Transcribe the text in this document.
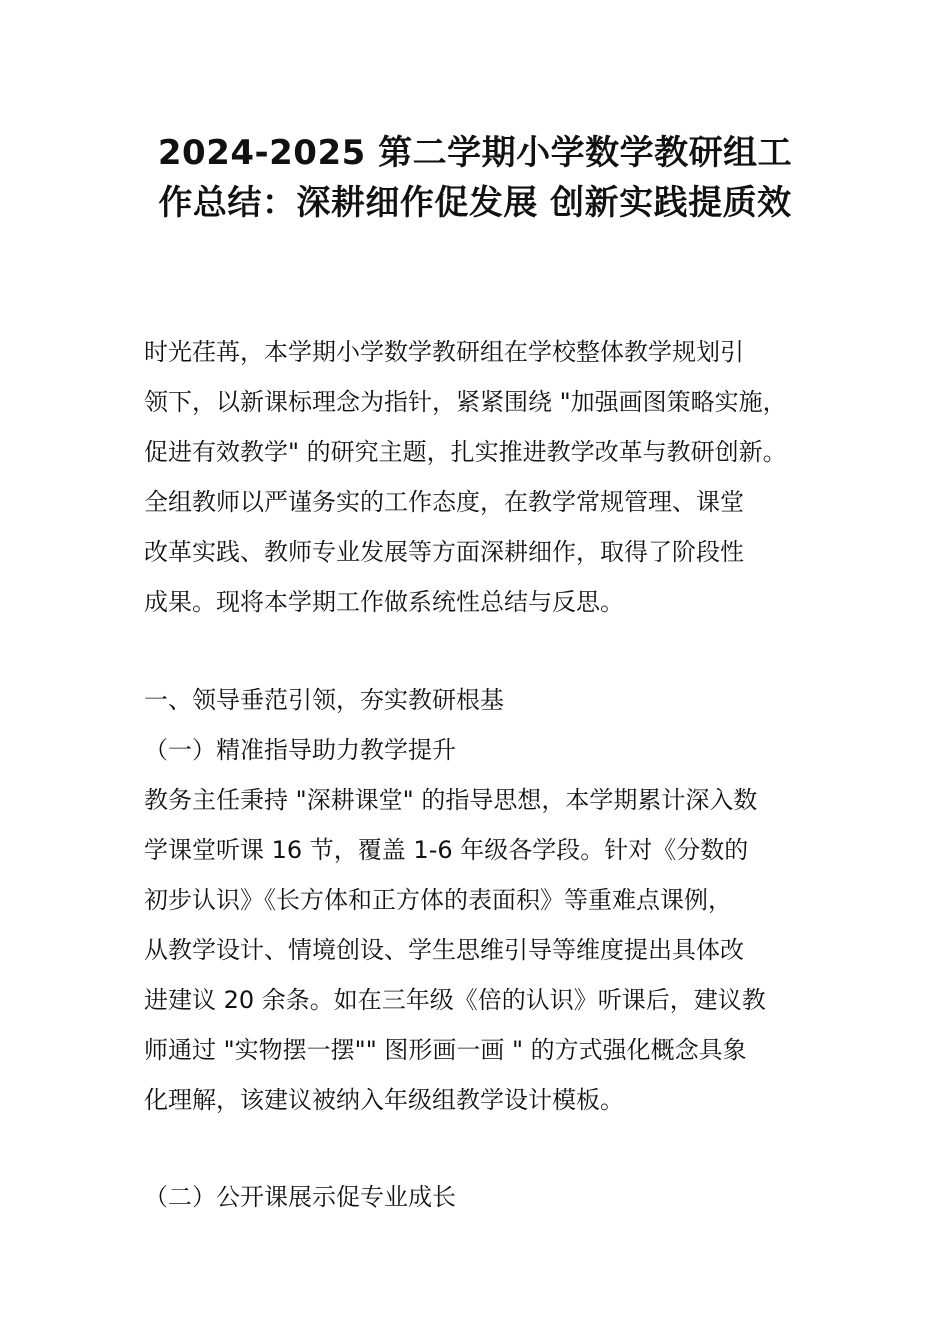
2024-2025 第二学期小学数学教研组工
作总结：深耕细作促发展 创新实践提质效
时光荏苒，本学期小学数学教研组在学校整体教学规划引
领下，以新课标理念为指针，紧紧围绕 "加强画图策略实施，
促进有效教学" 的研究主题，扎实推进教学改革与教研创新。
全组教师以严谨务实的工作态度，在教学常规管理、课堂
改革实践、教师专业发展等方面深耕细作，取得了阶段性
成果。现将本学期工作做系统性总结与反思。
一、领导垂范引领，夯实教研根基
（一）精准指导助力教学提升
教务主任秉持 "深耕课堂" 的指导思想，本学期累计深入数
学课堂听课 16 节，覆盖 1-6 年级各学段。针对《分数的
初步认识》《长方体和正方体的表面积》等重难点课例，
从教学设计、情境创设、学生思维引导等维度提出具体改
进建议 20 余条。如在三年级《倍的认识》听课后，建议教
师通过 "实物摆一摆"" 图形画一画 " 的方式强化概念具象
化理解，该建议被纳入年级组教学设计模板。
（二）公开课展示促专业成长
